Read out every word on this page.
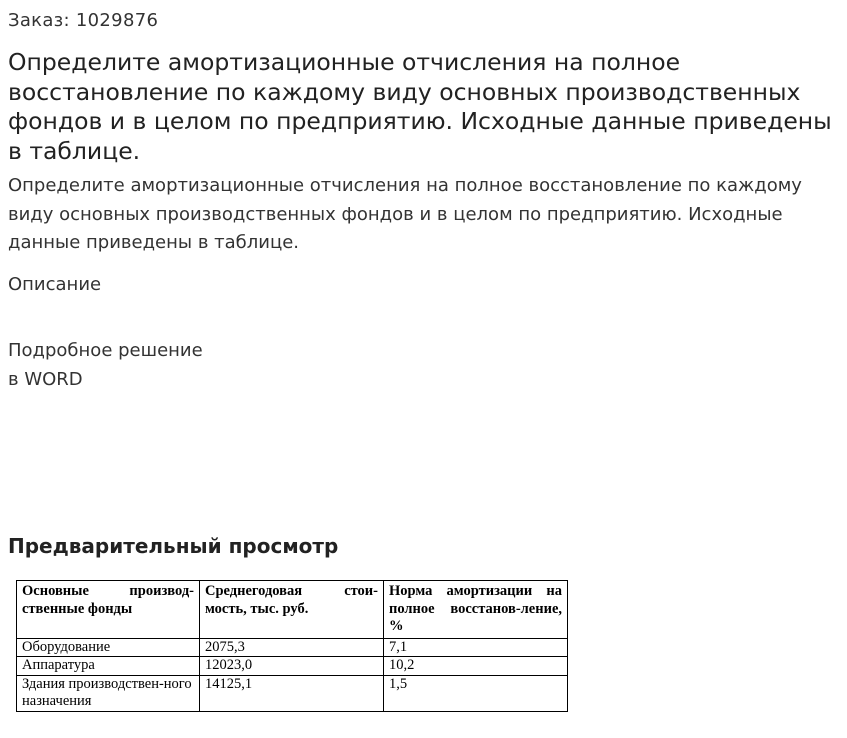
Заказ: 1029876
Определите амортизационные отчисления на полное восстановление по каждому виду основных производственных фондов и в целом по предприятию. Исходные данные приведены в таблице.

Определите амортизационные отчисления на полное восстановление по каждому виду основных производственных фондов и в целом по предприятию. Исходные данные приведены в таблице.

Описание
Подробное решение
в WORD
Предварительный просмотр
Основные производ-ственные фонды	Среднегодовая стои-мость, тыс. руб.	Норма амортизации на полное восстанов-ление, %
Оборудование	2075,3	7,1
Аппаратура	12023,0	10,2
Здания производствен-ного назначения	14125,1	1,5
